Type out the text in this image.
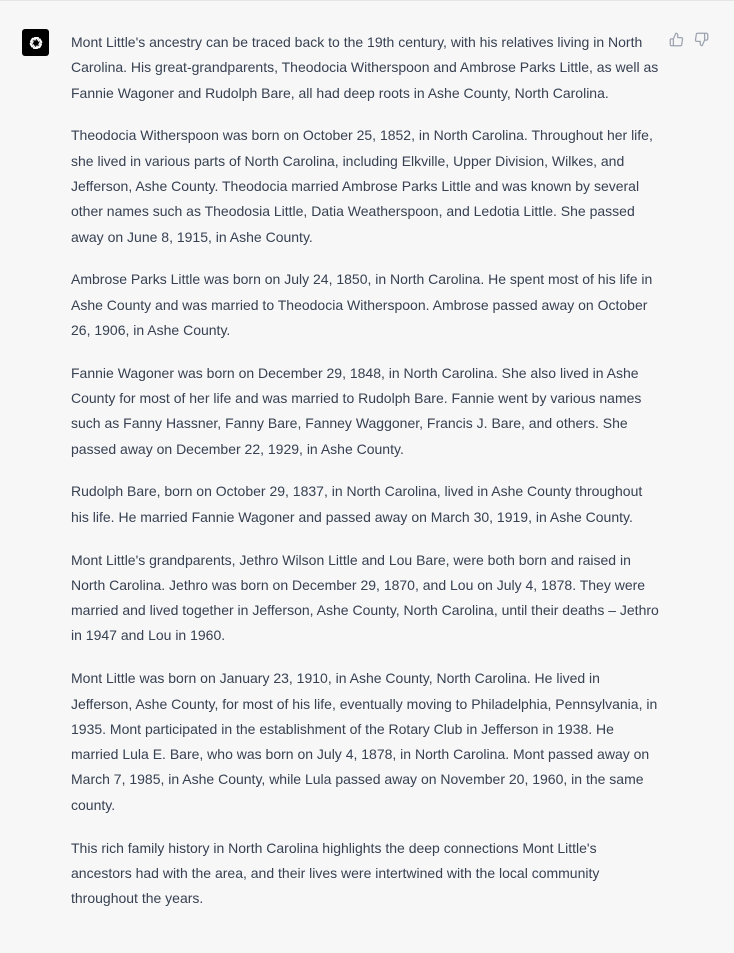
Mont Little's ancestry can be traced back to the 19th century, with his relatives living in North Carolina. His great-grandparents, Theodocia Witherspoon and Ambrose Parks Little, as well as Fannie Wagoner and Rudolph Bare, all had deep roots in Ashe County, North Carolina.

Theodocia Witherspoon was born on October 25, 1852, in North Carolina. Throughout her life, she lived in various parts of North Carolina, including Elkville, Upper Division, Wilkes, and Jefferson, Ashe County. Theodocia married Ambrose Parks Little and was known by several other names such as Theodosia Little, Datia Weatherspoon, and Ledotia Little. She passed away on June 8, 1915, in Ashe County.

Ambrose Parks Little was born on July 24, 1850, in North Carolina. He spent most of his life in Ashe County and was married to Theodocia Witherspoon. Ambrose passed away on October 26, 1906, in Ashe County.

Fannie Wagoner was born on December 29, 1848, in North Carolina. She also lived in Ashe County for most of her life and was married to Rudolph Bare. Fannie went by various names such as Fanny Hassner, Fanny Bare, Fanney Waggoner, Francis J. Bare, and others. She passed away on December 22, 1929, in Ashe County.

Rudolph Bare, born on October 29, 1837, in North Carolina, lived in Ashe County throughout his life. He married Fannie Wagoner and passed away on March 30, 1919, in Ashe County.

Mont Little's grandparents, Jethro Wilson Little and Lou Bare, were both born and raised in North Carolina. Jethro was born on December 29, 1870, and Lou on July 4, 1878. They were married and lived together in Jefferson, Ashe County, North Carolina, until their deaths – Jethro in 1947 and Lou in 1960.

Mont Little was born on January 23, 1910, in Ashe County, North Carolina. He lived in Jefferson, Ashe County, for most of his life, eventually moving to Philadelphia, Pennsylvania, in 1935. Mont participated in the establishment of the Rotary Club in Jefferson in 1938. He married Lula E. Bare, who was born on July 4, 1878, in North Carolina. Mont passed away on March 7, 1985, in Ashe County, while Lula passed away on November 20, 1960, in the same county.

This rich family history in North Carolina highlights the deep connections Mont Little's ancestors had with the area, and their lives were intertwined with the local community throughout the years.
